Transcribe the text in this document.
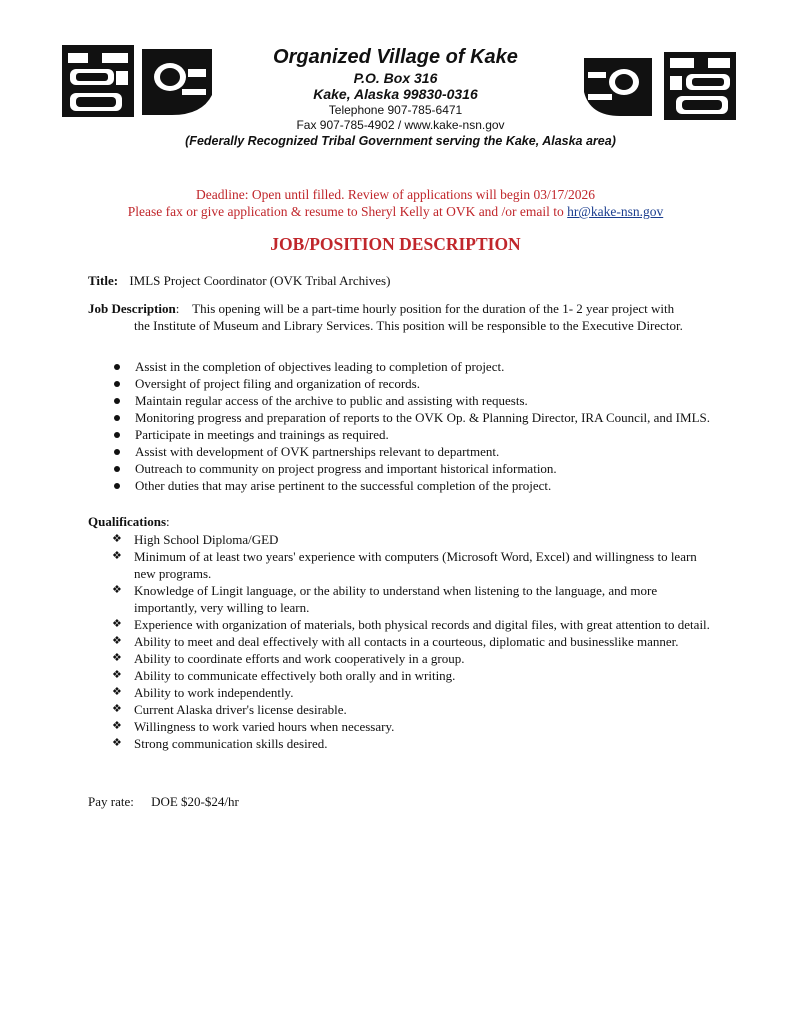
Organized Village of Kake
P.O. Box 316
Kake, Alaska 99830-0316
Telephone 907-785-6471
Fax 907-785-4902 / www.kake-nsn.gov
(Federally Recognized Tribal Government serving the Kake, Alaska area)
Deadline: Open until filled. Review of applications will begin 03/17/2026
Please fax or give application & resume to Sheryl Kelly at OVK and /or email to hr@kake-nsn.gov
JOB/POSITION DESCRIPTION
Title: IMLS Project Coordinator (OVK Tribal Archives)
Job Description:    This opening will be a part-time hourly position for the duration of the 1- 2 year project with
the Institute of Museum and Library Services. This position will be responsible to the Executive Director.
Assist in the completion of objectives leading to completion of project.
Oversight of project filing and organization of records.
Maintain regular access of the archive to public and assisting with requests.
Monitoring progress and preparation of reports to the OVK Op. & Planning Director, IRA Council, and IMLS.
Participate in meetings and trainings as required.
Assist with development of OVK partnerships relevant to department.
Outreach to community on project progress and important historical information.
Other duties that may arise pertinent to the successful completion of the project.
Qualifications:
❖ High School Diploma/GED
❖ Minimum of at least two years' experience with computers (Microsoft Word, Excel) and willingness to learn new programs.
❖ Knowledge of Lingit language, or the ability to understand when listening to the language, and more importantly, very willing to learn.
❖ Experience with organization of materials, both physical records and digital files, with great attention to detail.
❖ Ability to meet and deal effectively with all contacts in a courteous, diplomatic and businesslike manner.
❖ Ability to coordinate efforts and work cooperatively in a group.
❖ Ability to communicate effectively both orally and in writing.
❖ Ability to work independently.
❖ Current Alaska driver's license desirable.
❖ Willingness to work varied hours when necessary.
❖ Strong communication skills desired.
Pay rate: DOE $20-$24/hr
